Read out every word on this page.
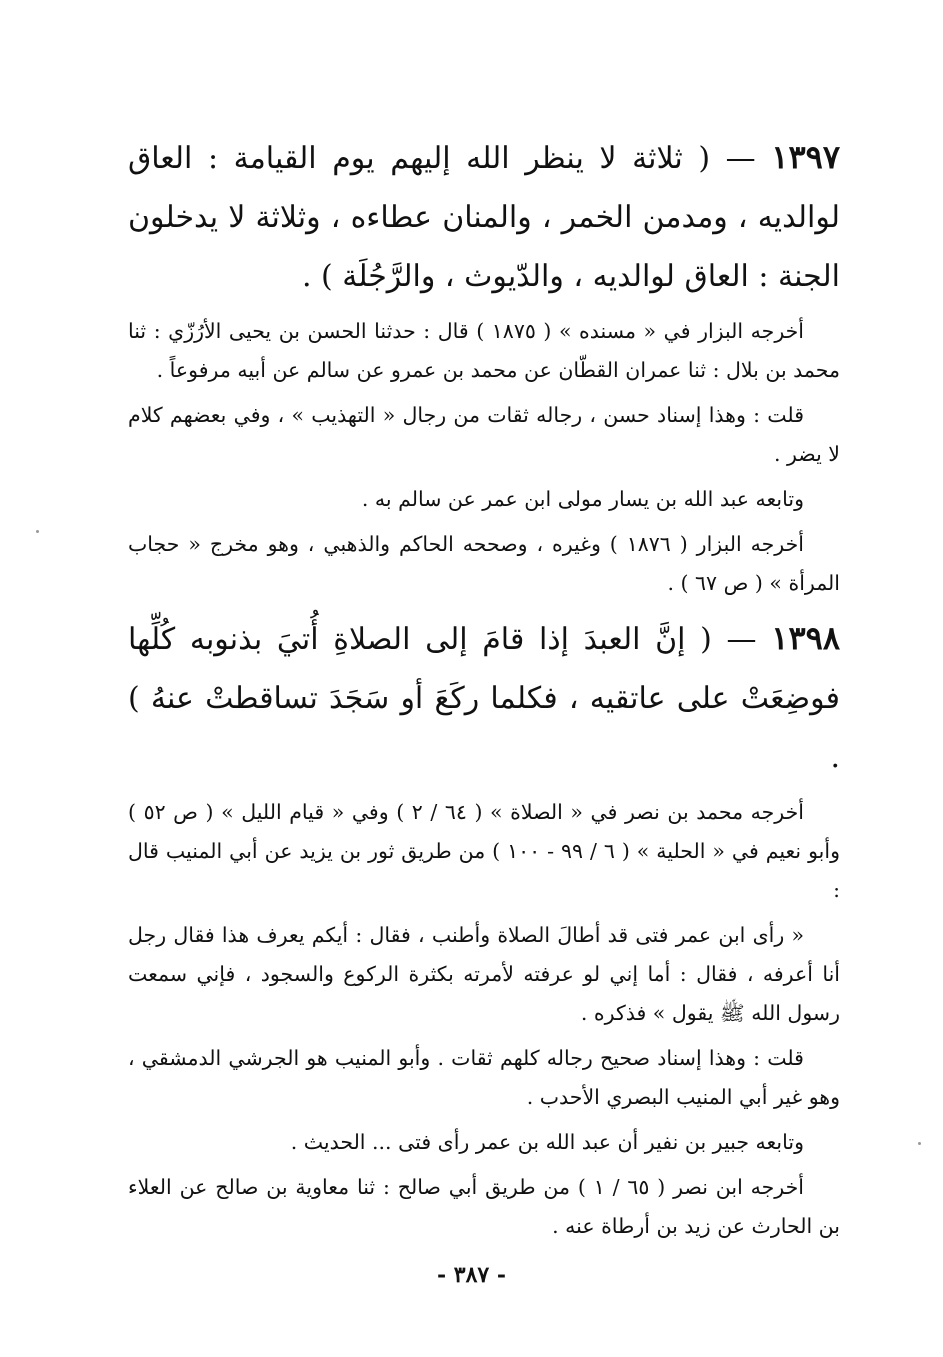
١٣٩٧ — ( ثلاثة لا ينظر الله إليهم يوم القيامة : العاق لوالديه ، ومدمن الخمر ، والمنان عطاءه ، وثلاثة لا يدخلون الجنة : العاق لوالديه ، والدّيوث ، والرَّجُلَة ) .

أخرجه البزار في « مسنده » ( ١٨٧٥ ) قال : حدثنا الحسن بن يحيى الأرُزّي : ثنا محمد بن بلال : ثنا عمران القطّان عن محمد بن عمرو عن سالم عن أبيه مرفوعاً .

قلت : وهذا إسناد حسن ، رجاله ثقات من رجال « التهذيب » ، وفي بعضهم كلام لا يضر .

وتابعه عبد الله بن يسار مولى ابن عمر عن سالم به .

أخرجه البزار ( ١٨٧٦ ) وغيره ، وصححه الحاكم والذهبي ، وهو مخرج « حجاب المرأة » ( ص ٦٧ ) .

١٣٩٨ — ( إنَّ العبدَ إذا قامَ إلى الصلاةِ أُتيَ بذنوبه كُلِّها فوضِعَتْ على عاتقيه ، فكلما ركَعَ أو سَجَدَ تساقطتْ عنهُ ) .

أخرجه محمد بن نصر في « الصلاة » ( ٦٤ / ٢ ) وفي « قيام الليل » ( ص ٥٢ ) وأبو نعيم في « الحلية » ( ٦ / ٩٩ - ١٠٠ ) من طريق ثور بن يزيد عن أبي المنيب قال :

« رأى ابن عمر فتى قد أطالَ الصلاة وأطنب ، فقال : أيكم يعرف هذا فقال رجل أنا أعرفه ، فقال : أما إني لو عرفته لأمرته بكثرة الركوع والسجود ، فإني سمعت رسول الله ﷺ يقول » فذكره .

قلت : وهذا إسناد صحيح رجاله كلهم ثقات . وأبو المنيب هو الجرشي الدمشقي ، وهو غير أبي المنيب البصري الأحدب .

وتابعه جبير بن نفير أن عبد الله بن عمر رأى فتى ... الحديث .

أخرجه ابن نصر ( ٦٥ / ١ ) من طريق أبي صالح : ثنا معاوية بن صالح عن العلاء بن الحارث عن زيد بن أرطاة عنه .

- ٣٨٧ -
